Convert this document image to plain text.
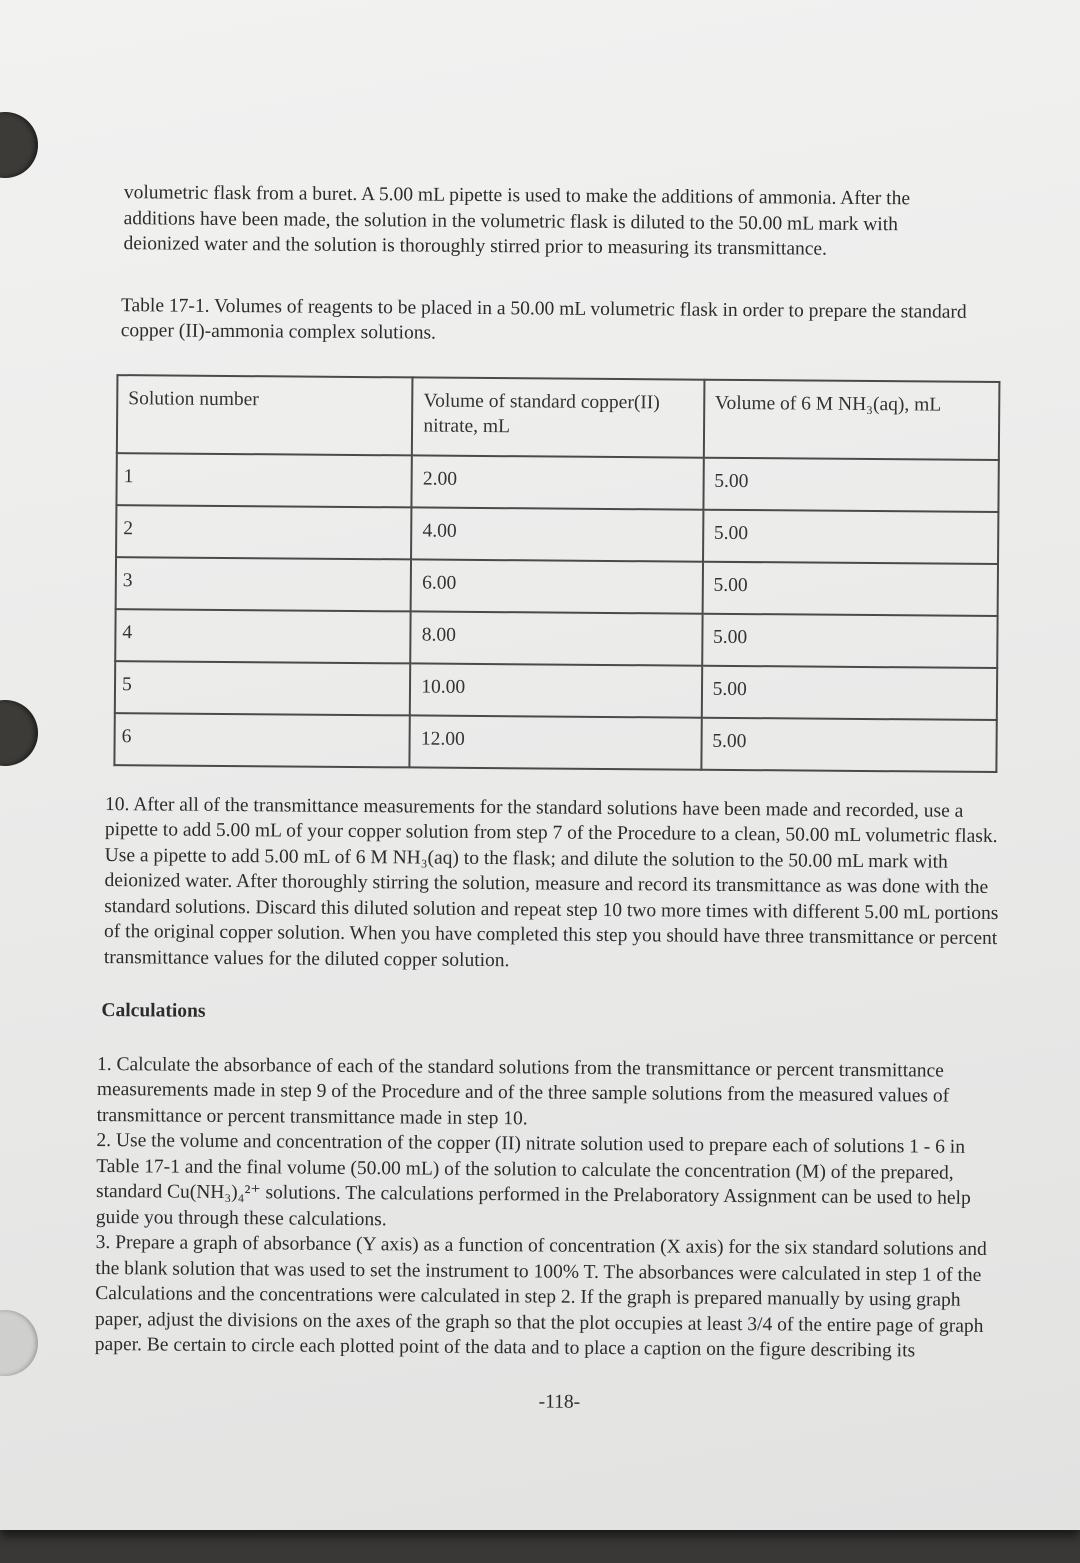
volumetric flask from a buret. A 5.00 mL pipette is used to make the additions of ammonia. After the additions have been made, the solution in the volumetric flask is diluted to the 50.00 mL mark with deionized water and the solution is thoroughly stirred prior to measuring its transmittance.

Table 17-1. Volumes of reagents to be placed in a 50.00 mL volumetric flask in order to prepare the standard copper (II)-ammonia complex solutions.

Solution number	Volume of standard copper(II) nitrate, mL	Volume of 6 M NH₃(aq), mL
1	2.00	5.00
2	4.00	5.00
3	6.00	5.00
4	8.00	5.00
5	10.00	5.00
6	12.00	5.00

10. After all of the transmittance measurements for the standard solutions have been made and recorded, use a pipette to add 5.00 mL of your copper solution from step 7 of the Procedure to a clean, 50.00 mL volumetric flask. Use a pipette to add 5.00 mL of 6 M NH₃(aq) to the flask; and dilute the solution to the 50.00 mL mark with deionized water. After thoroughly stirring the solution, measure and record its transmittance as was done with the standard solutions. Discard this diluted solution and repeat step 10 two more times with different 5.00 mL portions of the original copper solution. When you have completed this step you should have three transmittance or percent transmittance values for the diluted copper solution.

Calculations

1. Calculate the absorbance of each of the standard solutions from the transmittance or percent transmittance measurements made in step 9 of the Procedure and of the three sample solutions from the measured values of transmittance or percent transmittance made in step 10.

2. Use the volume and concentration of the copper (II) nitrate solution used to prepare each of solutions 1 - 6 in Table 17-1 and the final volume (50.00 mL) of the solution to calculate the concentration (M) of the prepared, standard Cu(NH₃)₄²⁺ solutions. The calculations performed in the Prelaboratory Assignment can be used to help guide you through these calculations.

3. Prepare a graph of absorbance (Y axis) as a function of concentration (X axis) for the six standard solutions and the blank solution that was used to set the instrument to 100% T. The absorbances were calculated in step 1 of the Calculations and the concentrations were calculated in step 2. If the graph is prepared manually by using graph paper, adjust the divisions on the axes of the graph so that the plot occupies at least 3/4 of the entire page of graph paper. Be certain to circle each plotted point of the data and to place a caption on the figure describing its

-118-
